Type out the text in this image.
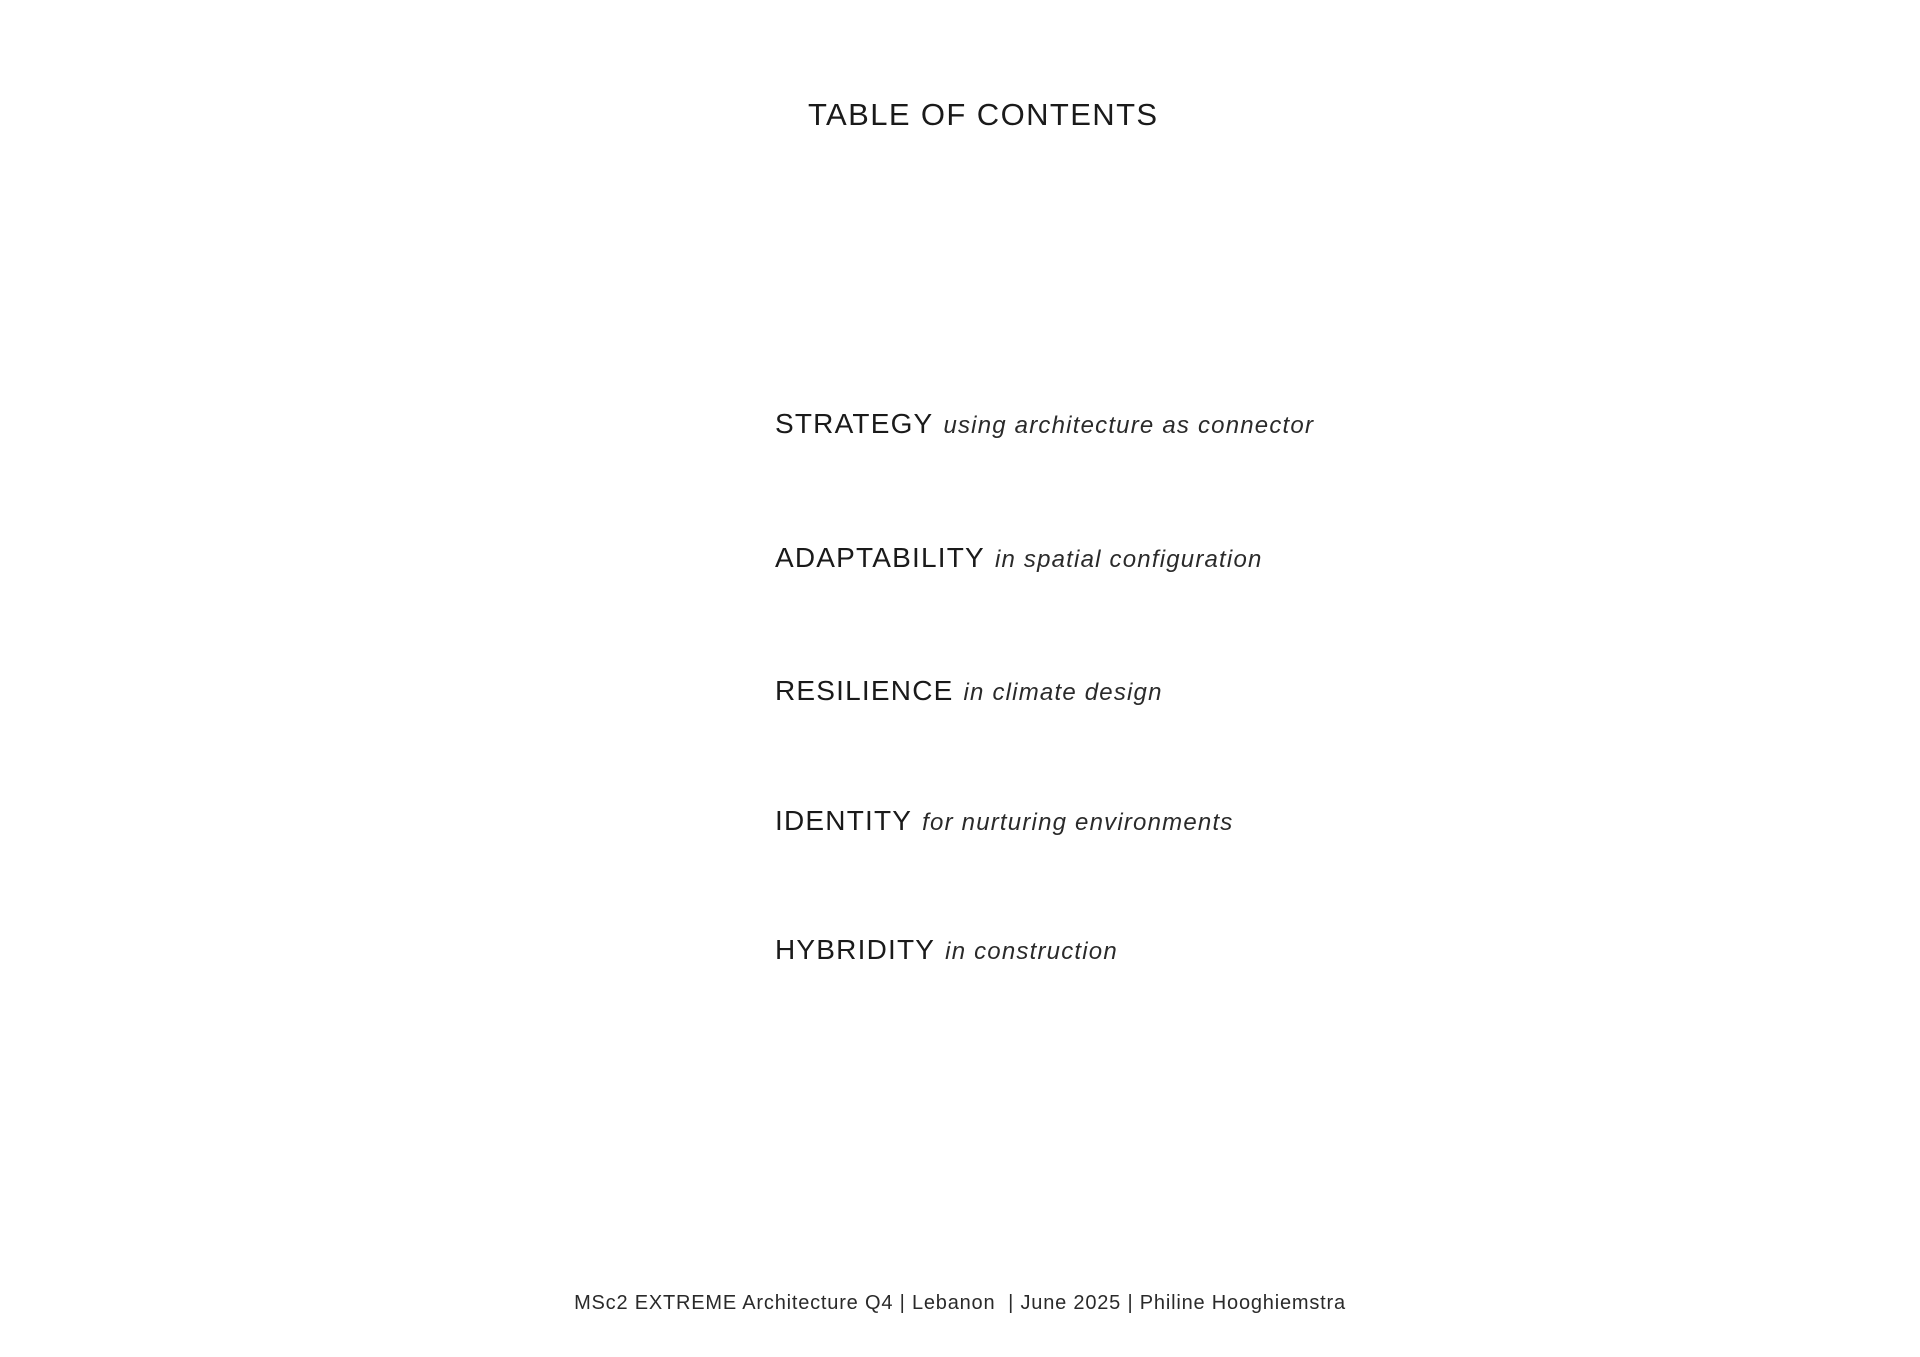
TABLE OF CONTENTS
STRATEGY using architecture as connector
ADAPTABILITY in spatial configuration
RESILIENCE in climate design
IDENTITY for nurturing environments
HYBRIDITY in construction
MSc2 EXTREME Architecture Q4 | Lebanon  | June 2025 | Philine Hooghiemstra
